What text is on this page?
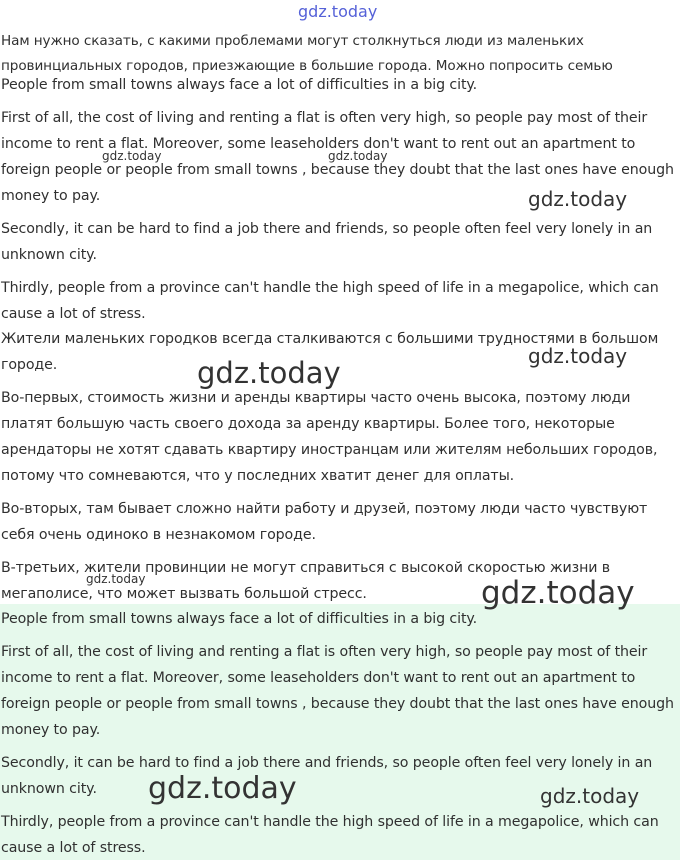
gdz.today
Нам нужно сказать, с какими проблемами могут столкнуться люди из маленьких
провинциальных городов, приезжающие в большие города. Можно попросить семью
People from small towns always face a lot of difficulties in a big city.
First of all, the cost of living and renting a flat is often very high, so people pay most of their income to rent a flat. Moreover, some leaseholders don't want to rent out an apartment to foreign people or people from small towns , because they doubt that the last ones have enough money to pay.
Secondly, it can be hard to find a job there and friends, so people often feel very lonely in an unknown city.
Thirdly, people from a province can't handle the high speed of life in a megapolice, which can cause a lot of stress.
Жители маленьких городков всегда сталкиваются с большими трудностями в большом городе.
Во-первых, стоимость жизни и аренды квартиры часто очень высока, поэтому люди платят большую часть своего дохода за аренду квартиры. Более того, некоторые арендаторы не хотят сдавать квартиру иностранцам или жителям небольших городов, потому что сомневаются, что у последних хватит денег для оплаты.
Во-вторых, там бывает сложно найти работу и друзей, поэтому люди часто чувствуют себя очень одиноко в незнакомом городе.
В-третьих, жители провинции не могут справиться с высокой скоростью жизни в мегаполисе, что может вызвать большой стресс.
People from small towns always face a lot of difficulties in a big city.
First of all, the cost of living and renting a flat is often very high, so people pay most of their income to rent a flat. Moreover, some leaseholders don't want to rent out an apartment to foreign people or people from small towns , because they doubt that the last ones have enough money to pay.
Secondly, it can be hard to find a job there and friends, so people often feel very lonely in an unknown city.
Thirdly, people from a province can't handle the high speed of life in a megapolice, which can cause a lot of stress.
gdz.today	gdz.today
gdz.today
gdz.today
gdz.today
gdz.today	gdz.today
gdz.today	gdz.today
